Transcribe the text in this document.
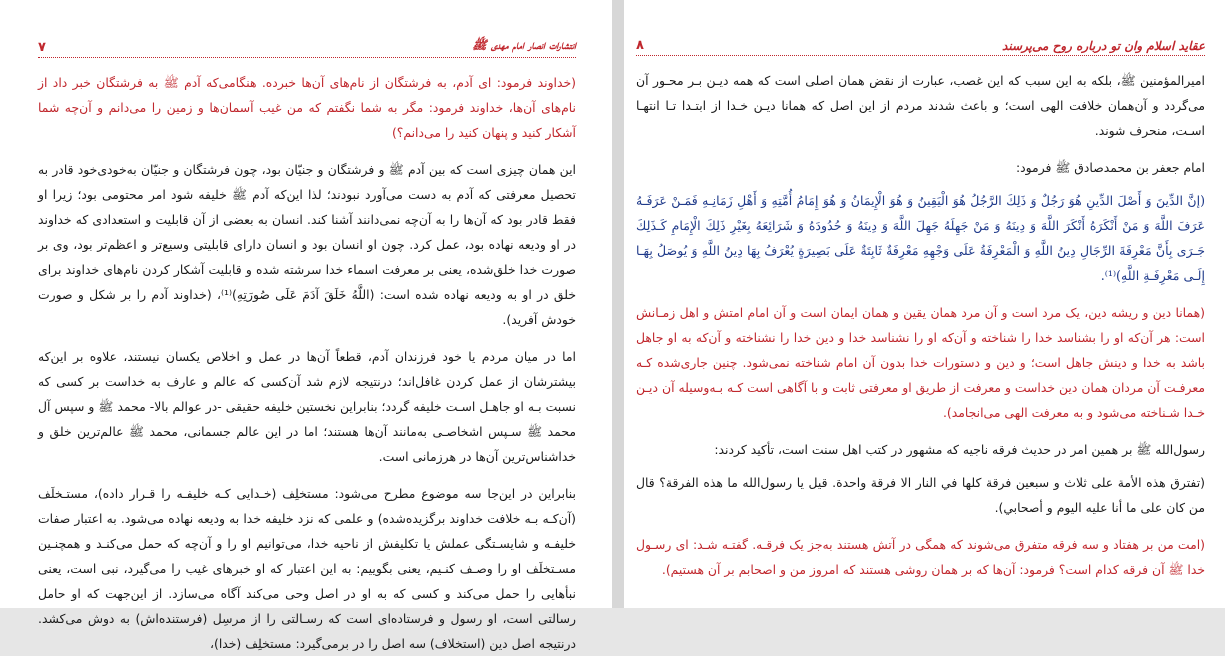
انتشارات انصار امام مهدی ﷺ
٧

(خداوند فرمود: ای آدم، به فرشتگان از نام‌های آن‌ها خبرده. هنگامی‌که آدم ﷺ به فرشتگان خبر داد از نام‌های آن‌ها، خداوند فرمود: مگر به شما نگفتم که من غیب آسمان‌ها و زمین را می‌دانم و آن‌چه شما آشکار کنید و پنهان کنید را می‌دانم؟)

این همان چیزی است که بین آدم ﷺ و فرشتگان و جنیّان بود، چون فرشتگان و جنیّان به‌خودی‌خود قادر به تحصیل معرفتی که آدم به دست می‌آورد نبودند؛ لذا این‌که آدم ﷺ خلیفه شود امر محتومی بود؛ زیرا او فقط قادر بود که آن‌ها را به آن‌چه نمی‌دانند آشنا کند. انسان به بعضی از آن قابلیت و استعدادی که خداوند در او ودیعه نهاده بود، عمل کرد. چون او انسان بود و انسان دارای قابلیتی وسیع‌تر و اعظم‌تر بود، وی بر صورت خدا خلق‌شده، یعنی بر معرفت اسماء خدا سرشته شده و قابلیت آشکار کردن نام‌های خداوند برای خلق در او به ودیعه نهاده شده است: (اللَّهُ خَلَقَ آدَمَ عَلَى صُورَتِهِ)⁽¹⁾، (خداوند آدم را بر شکل و صورت خودش آفرید).

اما در میان مردم یا خود فرزندان آدم، قطعاً آن‌ها در عمل و اخلاص یکسان نیستند، علاوه بر این‌که بیشترشان از عمل کردن غافل‌اند؛ درنتیجه لازم شد آن‌کسی که عالم و عارف به خداست بر کسی که نسبت بـه او جاهـل اسـت خلیفه گردد؛ بنابراین نخستین خلیفه حقیقی -در عوالم بالا- محمد ﷺ و سپس آل محمد ﷺ سـپس اشخاصـی به‌مانند آن‌ها هستند؛ اما در این عالم جسمانی، محمد ﷺ عالم‌ترین خلق و خداشناس‌ترین آن‌ها در هرزمانی است.

بنابراین در این‌جا سه موضوع مطرح می‌شود: مستخلِف (خـدایی کـه خلیفـه را قـرار داده)، مستـخلَف (آن‌کـه بـه خلافت خداوند برگزیده‌شده) و علمی که نزد خلیفه خدا به ودیعه نهاده می‌شود. به اعتبار صفات خلیفـه و شایسـتگی عملش یا تکلیفش از ناحیه خدا، می‌توانیم او را و آن‌چه که حمل می‌کنـد و همچنـین مسـتخلَف او را وصـف کنـیم، یعنی بگوییم: به این اعتبار که او خبرهای غیب را می‌گیرد، نبی است، یعنی نبأهایی را حمل می‌کند و کسی که به او در اصل وحی می‌کند آگاه می‌سازد. از این‌جهت که او حامل رسالتی است، او رسول و فرستاده‌ای است که رسـالتی را از مرسِل (فرستنده‌اش) به دوش می‌کشد. درنتیجه اصل دین (استخلاف) سه اصل را در برمی‌گیرد: مستخلِف (خدا)،

عقاید اسلام وان تو درباره روح می‌پرسند
٨

امیرالمؤمنین ﷺ، بلکه به این سبب که این غصب، عبارت از نقض همان اصلی است که همه دیـن بـر محـور آن می‌گردد و آن‌همان خلافت الهی است؛ و باعث شدند مردم از این اصل که همانا دیـن خـدا از ابتـدا تـا انتهـا اسـت، منحرف شوند.

امام جعفر بن محمدصادق ﷺ فرمود:

(إنَّ الدِّينَ وَ أَصْلَ الدِّينِ هُوَ رَجُلٌ وَ ذَلِكَ الرَّجُلُ هُوَ الْيَقِينُ وَ هُوَ الْإِيمَانُ وَ هُوَ إِمَامُ أُمَّتِهِ وَ أَهْلِ زَمَانِـهِ فَمَـنْ عَرَفَـهُ عَرَفَ اللَّهَ وَ مَنْ أَنْكَرَهُ أَنْكَرَ اللَّهَ وَ دِينَهُ وَ مَنْ جَهِلَهُ جَهِلَ اللَّهَ وَ دِينَهُ وَ حُدُودَهُ وَ شَرَائِعَهُ بِغَيْرِ ذَلِكَ الْإِمَامِ كَـذَلِكَ جَـرَى بِأَنَّ مَعْرِفَةَ الرِّجَالِ دِينُ اللَّهِ وَ الْمَعْرِفَةُ عَلَى وَجْهِهِ مَعْرِفَةٌ ثَابِتَةٌ عَلَى بَصِيرَةٍ يُعْرَفُ بِهَا دِينُ اللَّهِ وَ يُوصَلُ بِهَـا إِلَـى مَعْرِفَـةِ اللَّهِ)⁽¹⁾.

(همانا دین و ریشه دین، یک مرد است و آن مرد همان یقین و همان ایمان است و آن امام امتش و اهل زمـانش است: هر آن‌که او را بشناسد خدا را شناخته و آن‌که او را نشناسد خدا و دین خدا را نشناخته و آن‌که به او جاهل باشد به خدا و دینش جاهل است؛ و دین و دستورات خدا بدون آن امام شناخته نمی‌شود. چنین جاری‌شده کـه معرفـت آن مردان همان دین خداست و معرفت از طریق او معرفتی ثابت و با آگاهی است کـه بـه‌وسیله آن دیـن خـدا شـناخته می‌شود و به معرفت الهی می‌انجامد).

رسول‌الله ﷺ بر همین امر در حدیث فرقه ناجیه که مشهور در کتب اهل سنت است، تأکید کردند:

(تفترق هذه الأمة على ثلاث و سبعين فرقة كلها في النار الا فرقة واحدة. قيل يا رسول‌الله ما هذه الفرقة؟ قال من كان على ما أنا عليه اليوم و أصحابي).

(امت من بر هفتاد و سه فرقه متفرق می‌شوند که همگی در آتش هستند به‌جز یک فرقـه. گفتـه شـد: ای رسـول خدا ﷺ آن فرقه کدام است؟ فرمود: آن‌ها که بر همان روشی هستند که امروز من و اصحابم بر آن هستیم).
